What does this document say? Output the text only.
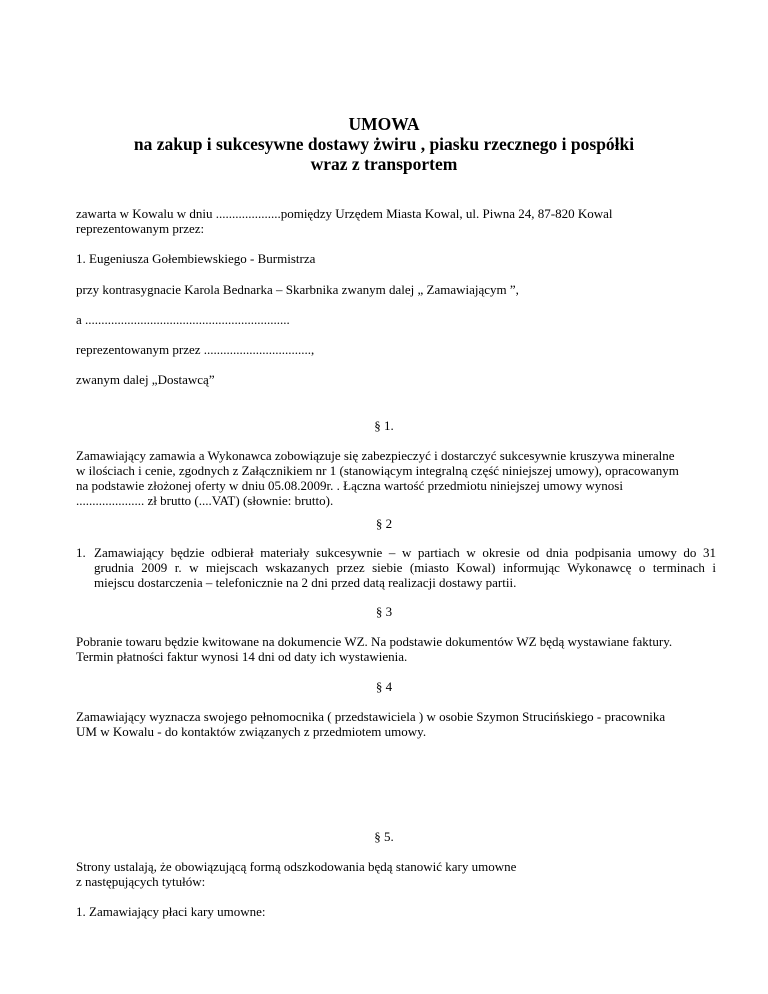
UMOWA
na zakup i sukcesywne dostawy żwiru , piasku rzecznego i pospółki
wraz z transportem
zawarta w Kowalu w dniu ....................pomiędzy Urzędem Miasta Kowal, ul. Piwna 24, 87-820 Kowal
reprezentowanym przez:
1. Eugeniusza Gołembiewskiego - Burmistrza
przy kontrasygnacie Karola Bednarka – Skarbnika zwanym dalej „ Zamawiającym ”,
a ...............................................................
reprezentowanym przez .................................,
zwanym dalej „Dostawcą”
§ 1.
Zamawiający zamawia a Wykonawca zobowiązuje się zabezpieczyć i dostarczyć sukcesywnie kruszywa mineralne
w ilościach i cenie, zgodnych z Załącznikiem nr 1 (stanowiącym integralną część niniejszej umowy), opracowanym
na podstawie złożonej oferty w dniu 05.08.2009r. . Łączna wartość przedmiotu niniejszej umowy wynosi
..................... zł brutto (....VAT) (słownie: brutto).
§ 2
1. Zamawiający będzie odbierał materiały sukcesywnie – w partiach w okresie od dnia podpisania umowy do 31
grudnia 2009 r. w miejscach wskazanych przez siebie (miasto Kowal) informując Wykonawcę o terminach i
miejscu dostarczenia – telefonicznie na 2 dni przed datą realizacji dostawy partii.
§ 3
Pobranie towaru będzie kwitowane na dokumencie WZ. Na podstawie dokumentów WZ będą wystawiane faktury.
Termin płatności faktur wynosi 14 dni od daty ich wystawienia.
§ 4
Zamawiający wyznacza swojego pełnomocnika ( przedstawiciela ) w osobie Szymon Strucińskiego - pracownika
UM w Kowalu - do kontaktów związanych z przedmiotem umowy.
§ 5.
Strony ustalają, że obowiązującą formą odszkodowania będą stanowić kary umowne
z następujących tytułów:
1. Zamawiający płaci kary umowne:
